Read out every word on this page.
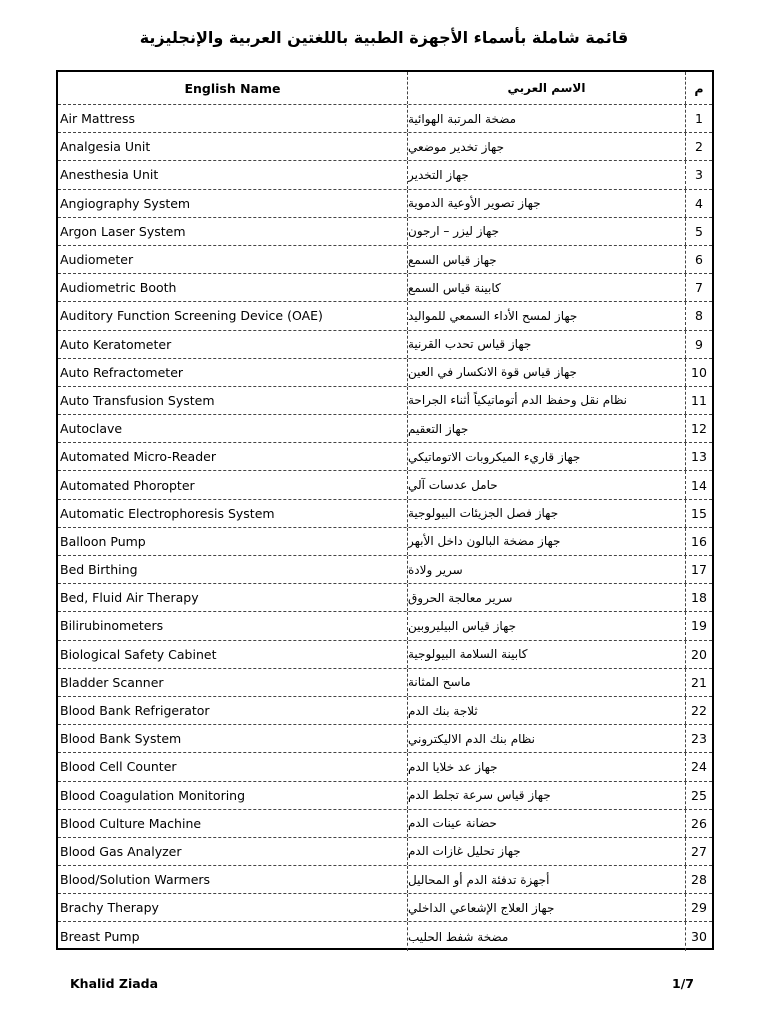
قائمة شاملة بأسماء الأجهزة الطبية باللغتين العربية والإنجليزية
English Name	الاسم العربي	م
Air Mattress	مضخة المرتبة الهوائية	1
Analgesia Unit	جهاز تخدير موضعي	2
Anesthesia Unit	جهاز التخدير	3
Angiography System	جهاز تصوير الأوعية الدموية	4
Argon Laser System	جهاز ليزر – ارجون	5
Audiometer	جهاز قياس السمع	6
Audiometric Booth	كابينة قياس السمع	7
Auditory Function Screening Device (OAE)	جهاز لمسح الأداء السمعي للمواليد	8
Auto Keratometer	جهاز قياس تحدب القرنية	9
Auto Refractometer	جهاز قياس قوة الانكسار في العين	10
Auto Transfusion System	نظام نقل وحفظ الدم أتوماتيكياً أثناء الجراحة	11
Autoclave	جهاز التعقيم	12
Automated Micro-Reader	جهاز قاريء الميكروبات الاتوماتيكي	13
Automated Phoropter	حامل عدسات آلي	14
Automatic Electrophoresis System	جهاز فصل الجزيئات البيولوجية	15
Balloon Pump	جهاز مضخة البالون داخل الأبهر	16
Bed Birthing	سرير ولادة	17
Bed, Fluid Air Therapy	سرير معالجة الحروق	18
Bilirubinometers	جهاز قياس البيليروبين	19
Biological Safety Cabinet	كابينة السلامة البيولوجية	20
Bladder Scanner	ماسح المثانة	21
Blood Bank Refrigerator	ثلاجة بنك الدم	22
Blood Bank System	نظام بنك الدم الاليكتروني	23
Blood Cell Counter	جهاز عد خلايا الدم	24
Blood Coagulation Monitoring	جهاز قياس سرعة تجلط الدم	25
Blood Culture Machine	حضانة عينات الدم	26
Blood Gas Analyzer	جهاز تحليل غازات الدم	27
Blood/Solution Warmers	أجهزة تدفئة الدم أو المحاليل	28
Brachy Therapy	جهاز العلاج الإشعاعي الداخلي	29
Breast Pump	مضخة شفط الحليب	30
Khalid Ziada	1/7
